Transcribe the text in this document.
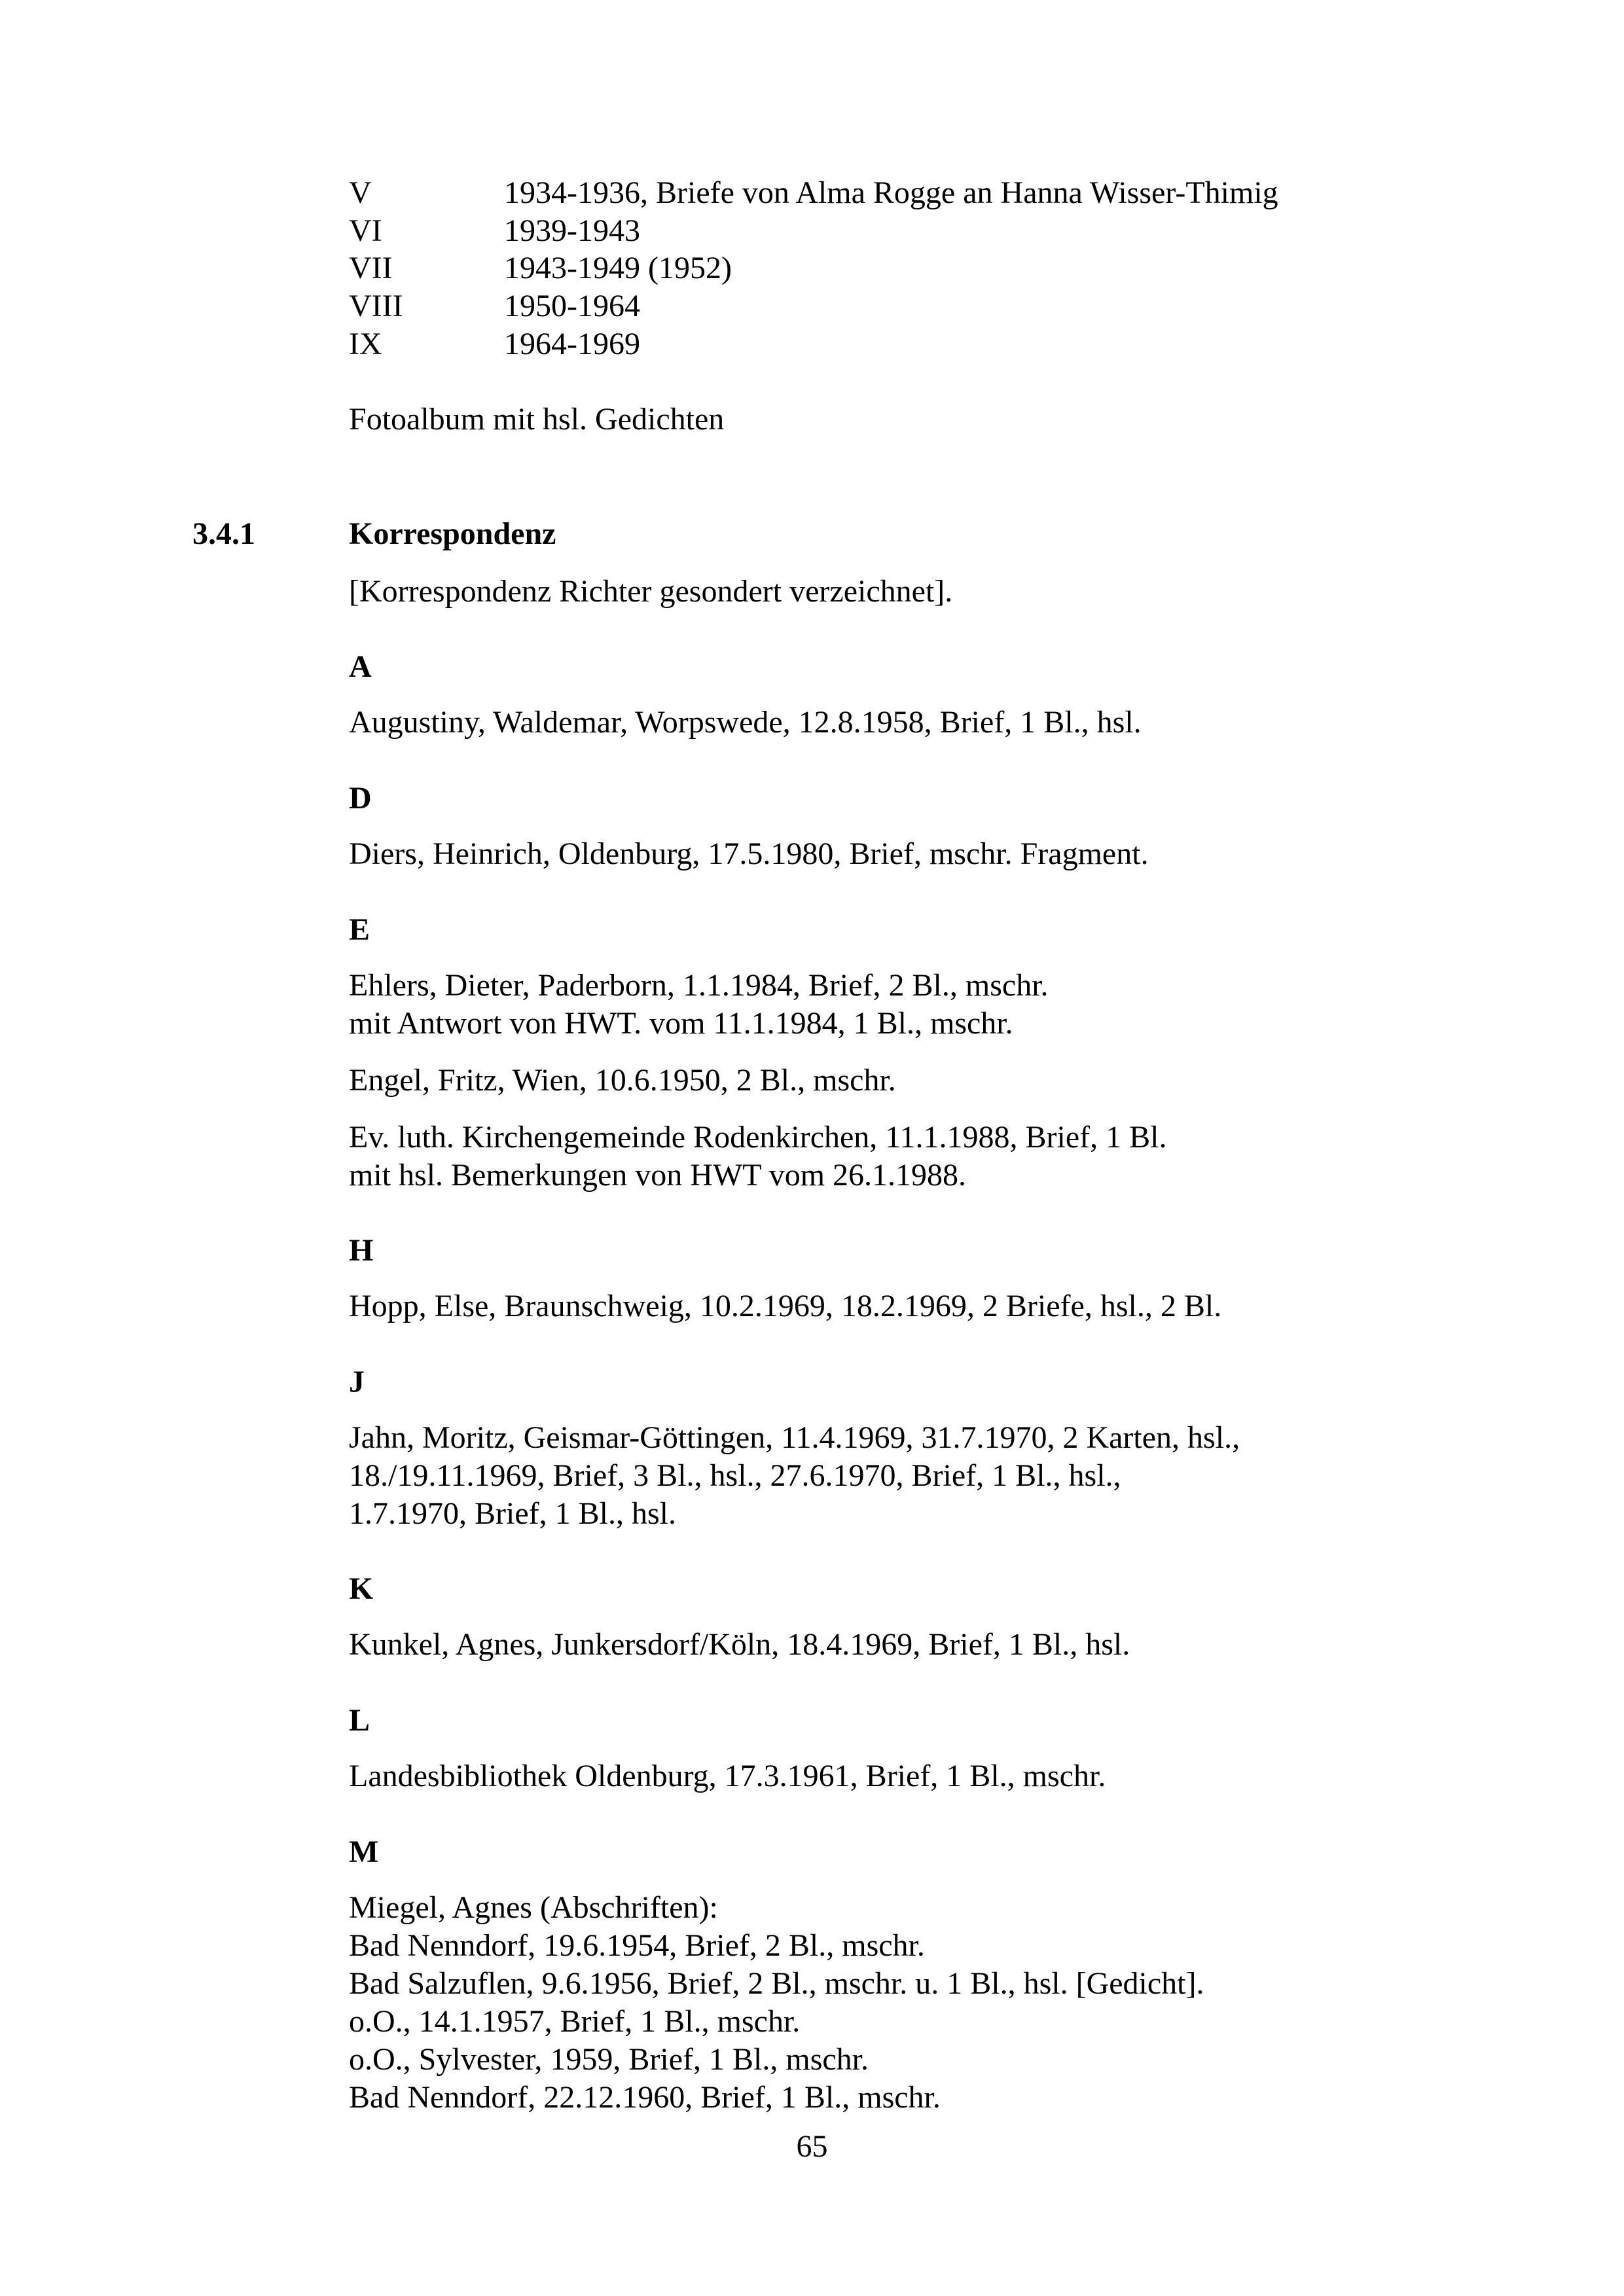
V	1934-1936, Briefe von Alma Rogge an Hanna Wisser-Thimig
VI	1939-1943
VII	1943-1949 (1952)
VIII	1950-1964
IX	1964-1969
Fotoalbum mit hsl. Gedichten
3.4.1	Korrespondenz
[Korrespondenz Richter gesondert verzeichnet].
A
Augustiny, Waldemar, Worpswede, 12.8.1958, Brief, 1 Bl., hsl.
D
Diers, Heinrich, Oldenburg, 17.5.1980, Brief, mschr. Fragment.
E
Ehlers, Dieter, Paderborn, 1.1.1984, Brief, 2 Bl., mschr.
mit Antwort von HWT. vom 11.1.1984, 1 Bl., mschr.
Engel, Fritz, Wien, 10.6.1950, 2 Bl., mschr.
Ev. luth. Kirchengemeinde Rodenkirchen, 11.1.1988, Brief, 1 Bl.
mit hsl. Bemerkungen von HWT vom 26.1.1988.
H
Hopp, Else, Braunschweig, 10.2.1969, 18.2.1969, 2 Briefe, hsl., 2 Bl.
J
Jahn, Moritz, Geismar-Göttingen, 11.4.1969, 31.7.1970, 2 Karten, hsl.,
18./19.11.1969, Brief, 3 Bl., hsl., 27.6.1970, Brief, 1 Bl., hsl.,
1.7.1970, Brief, 1 Bl., hsl.
K
Kunkel, Agnes, Junkersdorf/Köln, 18.4.1969, Brief, 1 Bl., hsl.
L
Landesbibliothek Oldenburg, 17.3.1961, Brief, 1 Bl., mschr.
M
Miegel, Agnes (Abschriften):
Bad Nenndorf, 19.6.1954, Brief, 2 Bl., mschr.
Bad Salzuflen, 9.6.1956, Brief, 2 Bl., mschr. u. 1 Bl., hsl. [Gedicht].
o.O., 14.1.1957, Brief, 1 Bl., mschr.
o.O., Sylvester, 1959, Brief, 1 Bl., mschr.
Bad Nenndorf, 22.12.1960, Brief, 1 Bl., mschr.
65
